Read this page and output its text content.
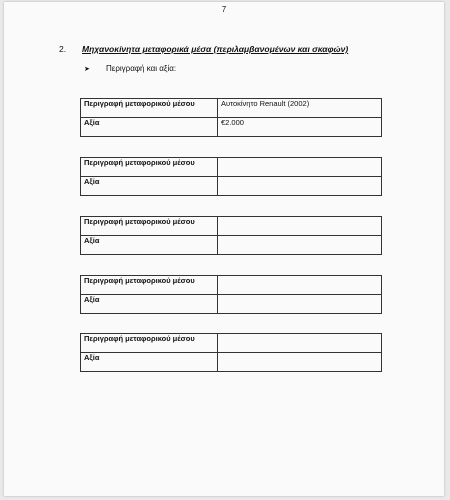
7
2. Μηχανοκίνητα μεταφορικά μέσα (περιλαμβανομένων και σκαφών)
➤ Περιγραφή και αξία:
Περιγραφή μεταφορικού μέσου	Αυτοκίνητο Renault (2002)
Αξία	€2.000
Περιγραφή μεταφορικού μέσου	
Αξία	
Περιγραφή μεταφορικού μέσου	
Αξία	
Περιγραφή μεταφορικού μέσου	
Αξία	
Περιγραφή μεταφορικού μέσου	
Αξία	
